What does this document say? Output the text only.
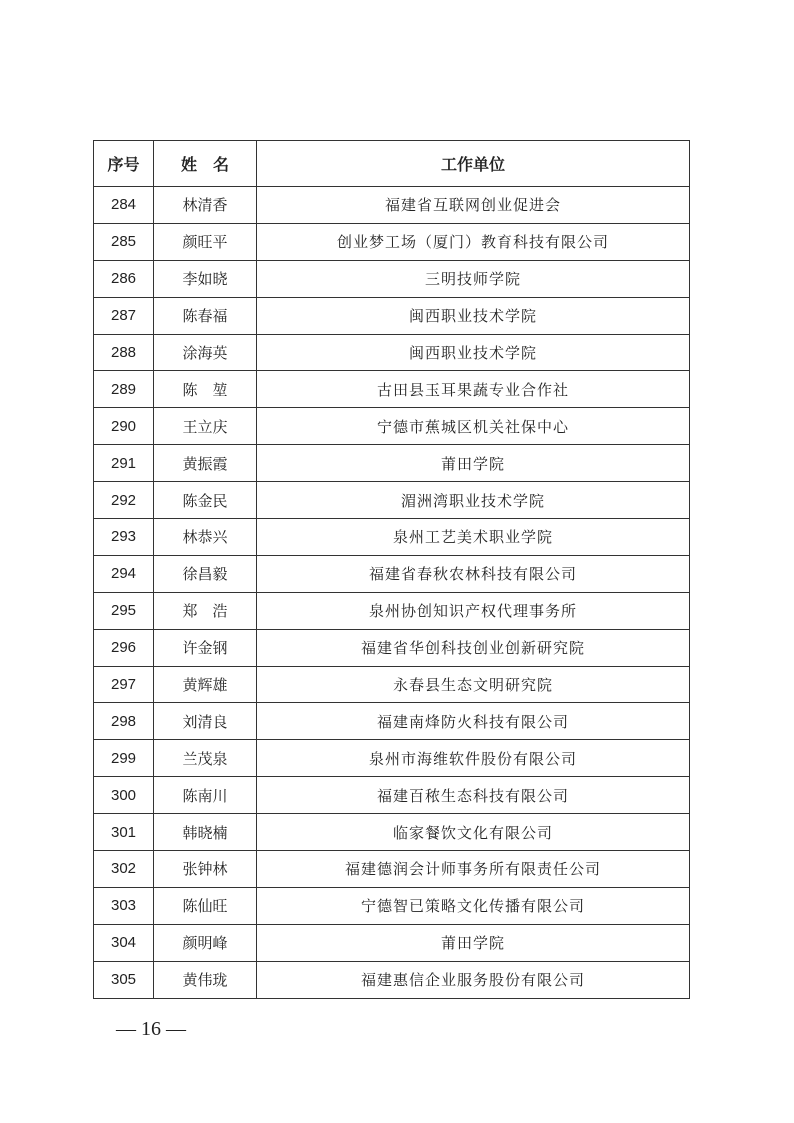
序号	姓　名	工作单位
284	林清香	福建省互联网创业促进会
285	颜旺平	创业梦工场（厦门）教育科技有限公司
286	李如晓	三明技师学院
287	陈春福	闽西职业技术学院
288	涂海英	闽西职业技术学院
289	陈　堃	古田县玉耳果蔬专业合作社
290	王立庆	宁德市蕉城区机关社保中心
291	黄振霞	莆田学院
292	陈金民	湄洲湾职业技术学院
293	林恭兴	泉州工艺美术职业学院
294	徐昌毅	福建省春秋农林科技有限公司
295	郑　浩	泉州协创知识产权代理事务所
296	许金钢	福建省华创科技创业创新研究院
297	黄辉雄	永春县生态文明研究院
298	刘清良	福建南烽防火科技有限公司
299	兰茂泉	泉州市海维软件股份有限公司
300	陈南川	福建百秾生态科技有限公司
301	韩晓楠	临家餐饮文化有限公司
302	张钟林	福建德润会计师事务所有限责任公司
303	陈仙旺	宁德智已策略文化传播有限公司
304	颜明峰	莆田学院
305	黄伟珑	福建惠信企业服务股份有限公司
— 16 —
